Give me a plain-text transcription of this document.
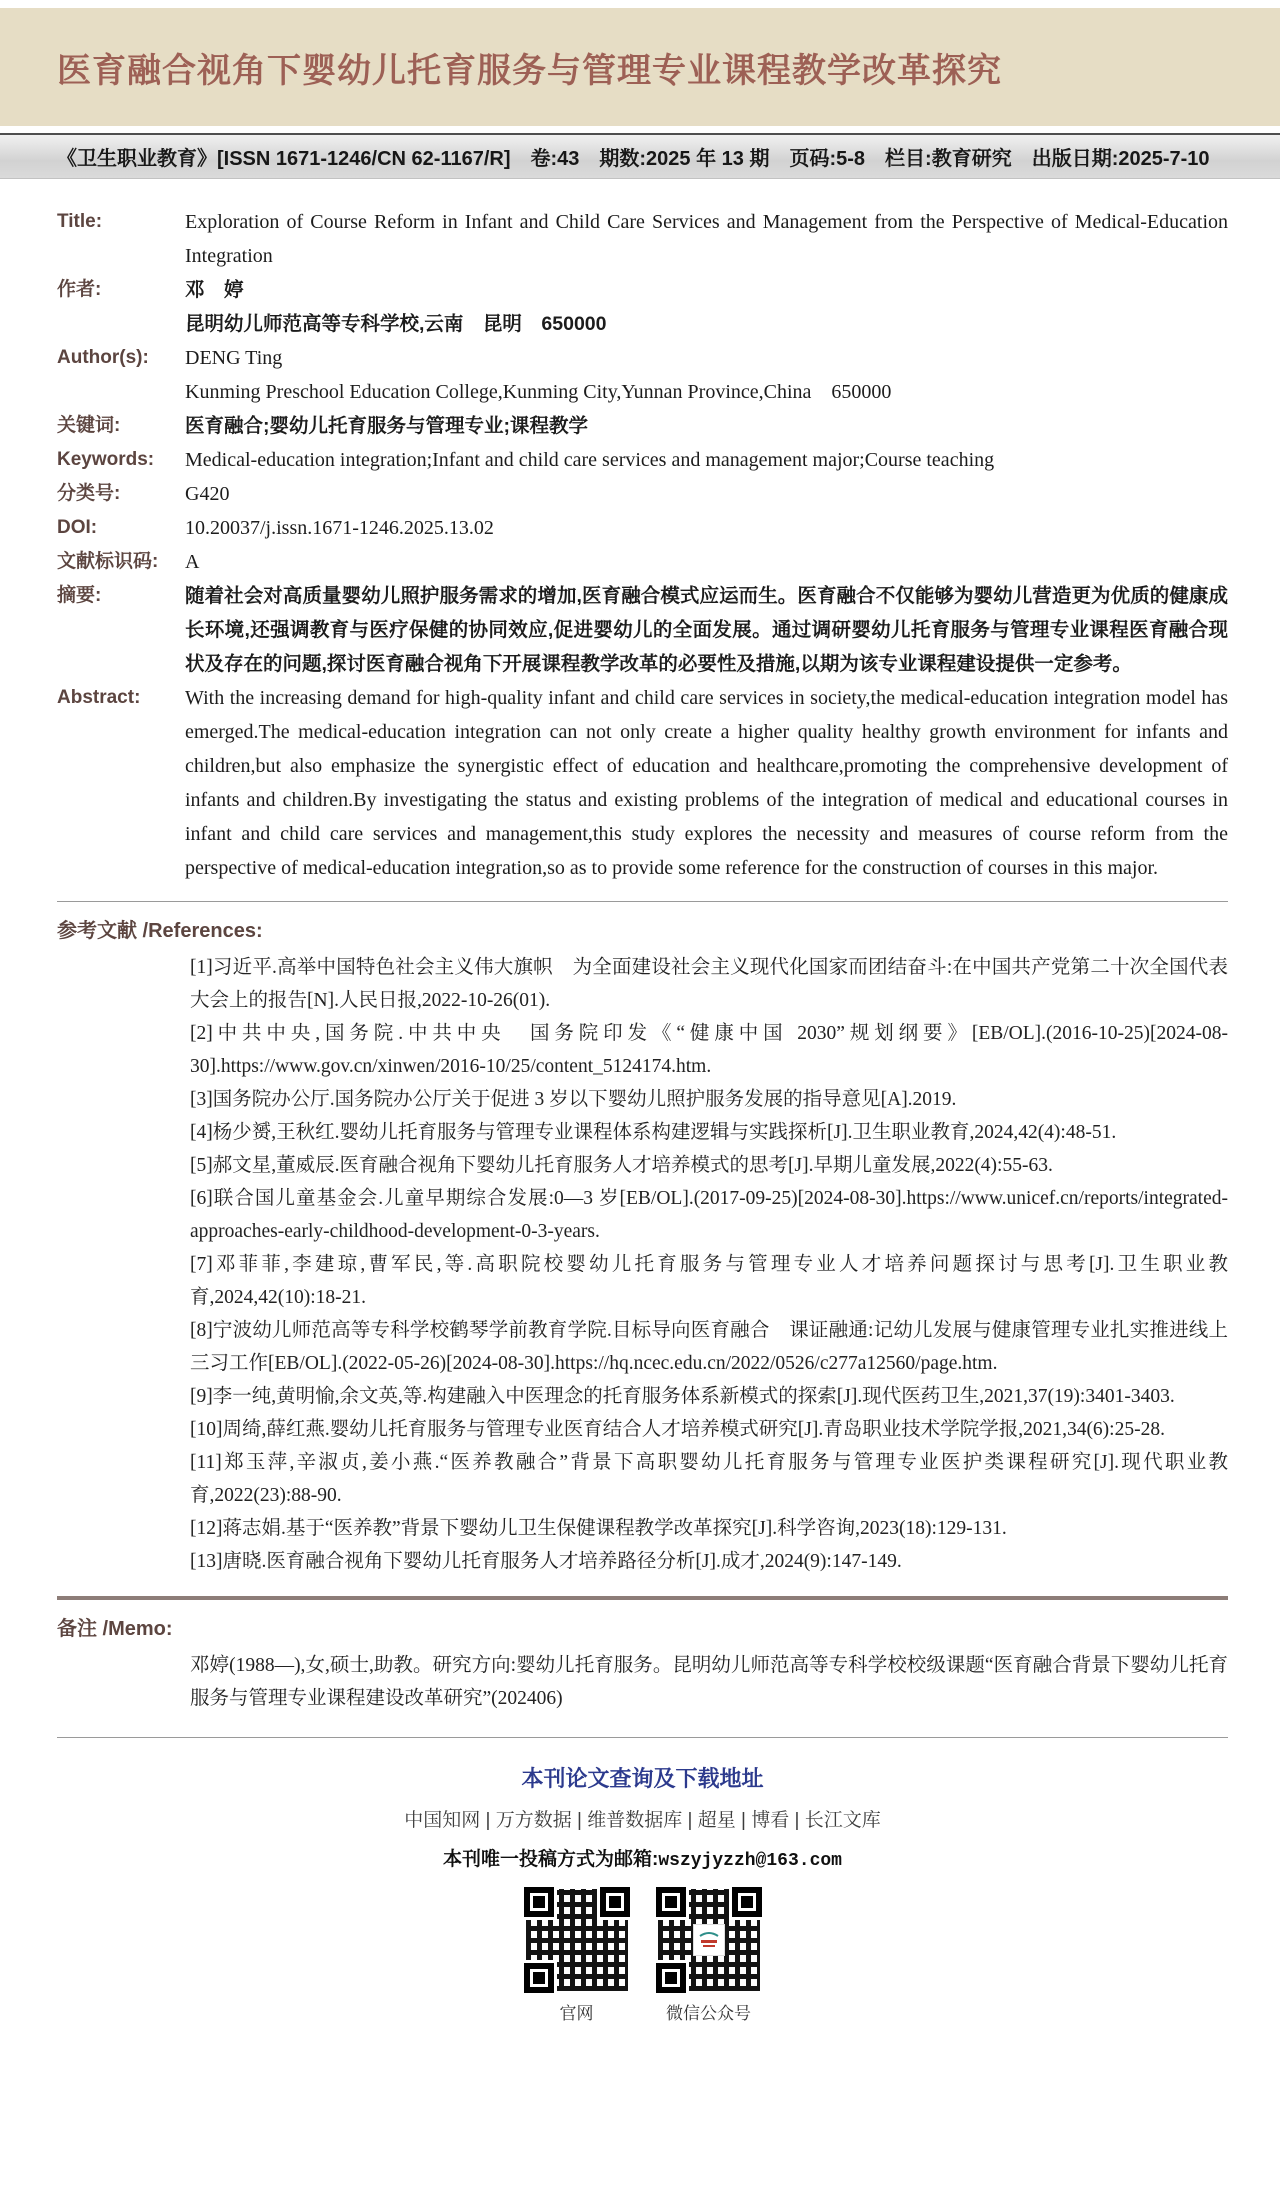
医育融合视角下婴幼儿托育服务与管理专业课程教学改革探究
《卫生职业教育》[ISSN 1671-1246/CN 62-1167/R]　卷:43　期数:2025 年 13 期　页码:5-8　栏目:教育研究　出版日期:2025-7-10
Title:	Exploration of Course Reform in Infant and Child Care Services and Management from the Perspective of Medical-Education Integration
作者:	邓　婷
昆明幼儿师范高等专科学校,云南　昆明　650000
Author(s):	DENG Ting
Kunming Preschool Education College,Kunming City,Yunnan Province,China　650000
关键词:	医育融合;婴幼儿托育服务与管理专业;课程教学
Keywords:	Medical-education integration;Infant and child care services and management major;Course teaching
分类号:	G420
DOI:	10.20037/j.issn.1671-1246.2025.13.02
文献标识码:	A
摘要:	随着社会对高质量婴幼儿照护服务需求的增加,医育融合模式应运而生。医育融合不仅能够为婴幼儿营造更为优质的健康成长环境,还强调教育与医疗保健的协同效应,促进婴幼儿的全面发展。通过调研婴幼儿托育服务与管理专业课程医育融合现状及存在的问题,探讨医育融合视角下开展课程教学改革的必要性及措施,以期为该专业课程建设提供一定参考。
Abstract:	With the increasing demand for high-quality infant and child care services in society,the medical-education integration model has emerged.The medical-education integration can not only create a higher quality healthy growth environment for infants and children,but also emphasize the synergistic effect of education and healthcare,promoting the comprehensive development of infants and children.By investigating the status and existing problems of the integration of medical and educational courses in infant and child care services and management,this study explores the necessity and measures of course reform from the perspective of medical-education integration,so as to provide some reference for the construction of courses in this major.
参考文献 /References:

[1]习近平.高举中国特色社会主义伟大旗帜　为全面建设社会主义现代化国家而团结奋斗:在中国共产党第二十次全国代表大会上的报告[N].人民日报,2022-10-26(01).

[2]中共中央,国务院.中共中央　国务院印发《“健康中国 2030”规划纲要》[EB/OL].(2016-10-25)[2024-08-30].https://www.gov.cn/xinwen/2016-10/25/content_5124174.htm.

[3]国务院办公厅.国务院办公厅关于促进 3 岁以下婴幼儿照护服务发展的指导意见[A].2019.

[4]杨少赟,王秋红.婴幼儿托育服务与管理专业课程体系构建逻辑与实践探析[J].卫生职业教育,2024,42(4):48-51.

[5]郝文星,董威辰.医育融合视角下婴幼儿托育服务人才培养模式的思考[J].早期儿童发展,2022(4):55-63.

[6]联合国儿童基金会.儿童早期综合发展:0—3 岁[EB/OL].(2017-09-25)[2024-08-30].https://www.unicef.cn/reports/integrated-approaches-early-childhood-development-0-3-years.

[7]邓菲菲,李建琼,曹军民,等.高职院校婴幼儿托育服务与管理专业人才培养问题探讨与思考[J].卫生职业教育,2024,42(10):18-21.

[8]宁波幼儿师范高等专科学校鹤琴学前教育学院.目标导向医育融合　课证融通:记幼儿发展与健康管理专业扎实推进线上三习工作[EB/OL].(2022-05-26)[2024-08-30].https://hq.ncec.edu.cn/2022/0526/c277a12560/page.htm.

[9]李一纯,黄明愉,余文英,等.构建融入中医理念的托育服务体系新模式的探索[J].现代医药卫生,2021,37(19):3401-3403.

[10]周绮,薛红燕.婴幼儿托育服务与管理专业医育结合人才培养模式研究[J].青岛职业技术学院学报,2021,34(6):25-28.

[11]郑玉萍,辛淑贞,姜小燕.“医养教融合”背景下高职婴幼儿托育服务与管理专业医护类课程研究[J].现代职业教育,2022(23):88-90.

[12]蒋志娟.基于“医养教”背景下婴幼儿卫生保健课程教学改革探究[J].科学咨询,2023(18):129-131.

[13]唐晓.医育融合视角下婴幼儿托育服务人才培养路径分析[J].成才,2024(9):147-149.

备注 /Memo:

邓婷(1988—),女,硕士,助教。研究方向:婴幼儿托育服务。昆明幼儿师范高等专科学校校级课题“医育融合背景下婴幼儿托育服务与管理专业课程建设改革研究”(202406)

本刊论文查询及下载地址
中国知网 | 万方数据 | 维普数据库 | 超星 | 博看 | 长江文库
本刊唯一投稿方式为邮箱:wszyjyzzh@163.com
官网	微信公众号
